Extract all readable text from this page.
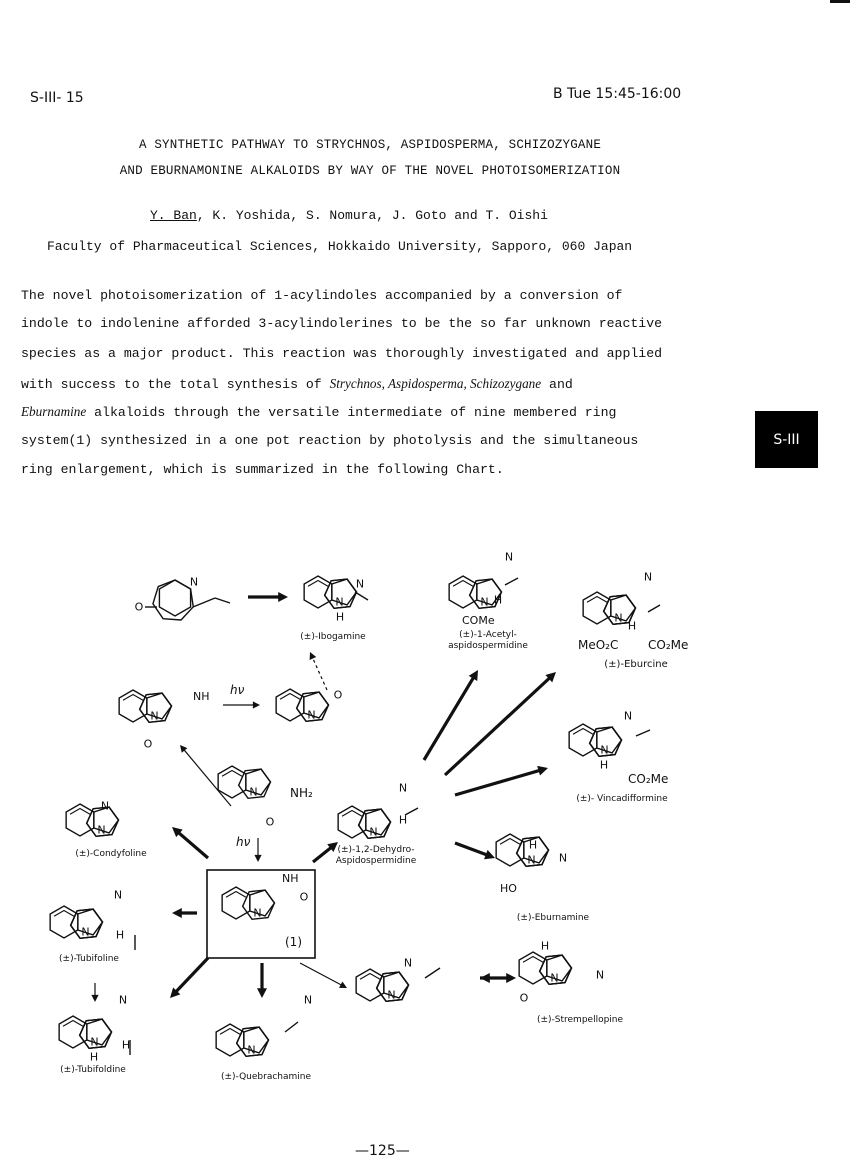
S-III- 15	B Tue 15:45-16:00
A SYNTHETIC PATHWAY TO STRYCHNOS, ASPIDOSPERMA, SCHIZOZYGANE
AND EBURNAMONINE ALKALOIDS BY WAY OF THE NOVEL PHOTOISOMERIZATION
Y. Ban, K. Yoshida, S. Nomura, J. Goto and T. Oishi
Faculty of Pharmaceutical Sciences, Hokkaido University, Sapporo, 060 Japan
The novel photoisomerization of 1-acylindoles accompanied by a conversion of
indole to indolenine afforded 3-acylindolerines to be the so far unknown reactive
species as a major product. This reaction was thoroughly investigated and applied
with success to the total synthesis of Strychnos, Aspidosperma, Schizozygane and
Eburnamine alkaloids through the versatile intermediate of nine membered ring
system(1) synthesized in a one pot reaction by photolysis and the simultaneous
ring enlargement, which is summarized in the following Chart.
S-III
(±)-Ibogamine	(±)-1-Acetyl-
aspidospermidine
(±)-Eburcine
(±)- Vincadifformine
(±)-1,2-Dehydro-
Aspidospermidine
(±)-Eburnamine
(±)-Condyfoline
(±)-Tubifoline
(±)-Tubifoldine
(±)-Quebrachamine
(±)-Strempellopine
(1)
COMe
MeO₂C CO₂Me
CO₂Me
NH₂
NH
NH
HO
hν
hν
O
N
N	N
N
N	N
N
N
N
N
N
N
N
N
N
N
N
H
H
H
H
H
H
H
H
H
H
N
N
N
N
N
N
N
N
N
N	N
N
O
O
O
O
O
—125—
